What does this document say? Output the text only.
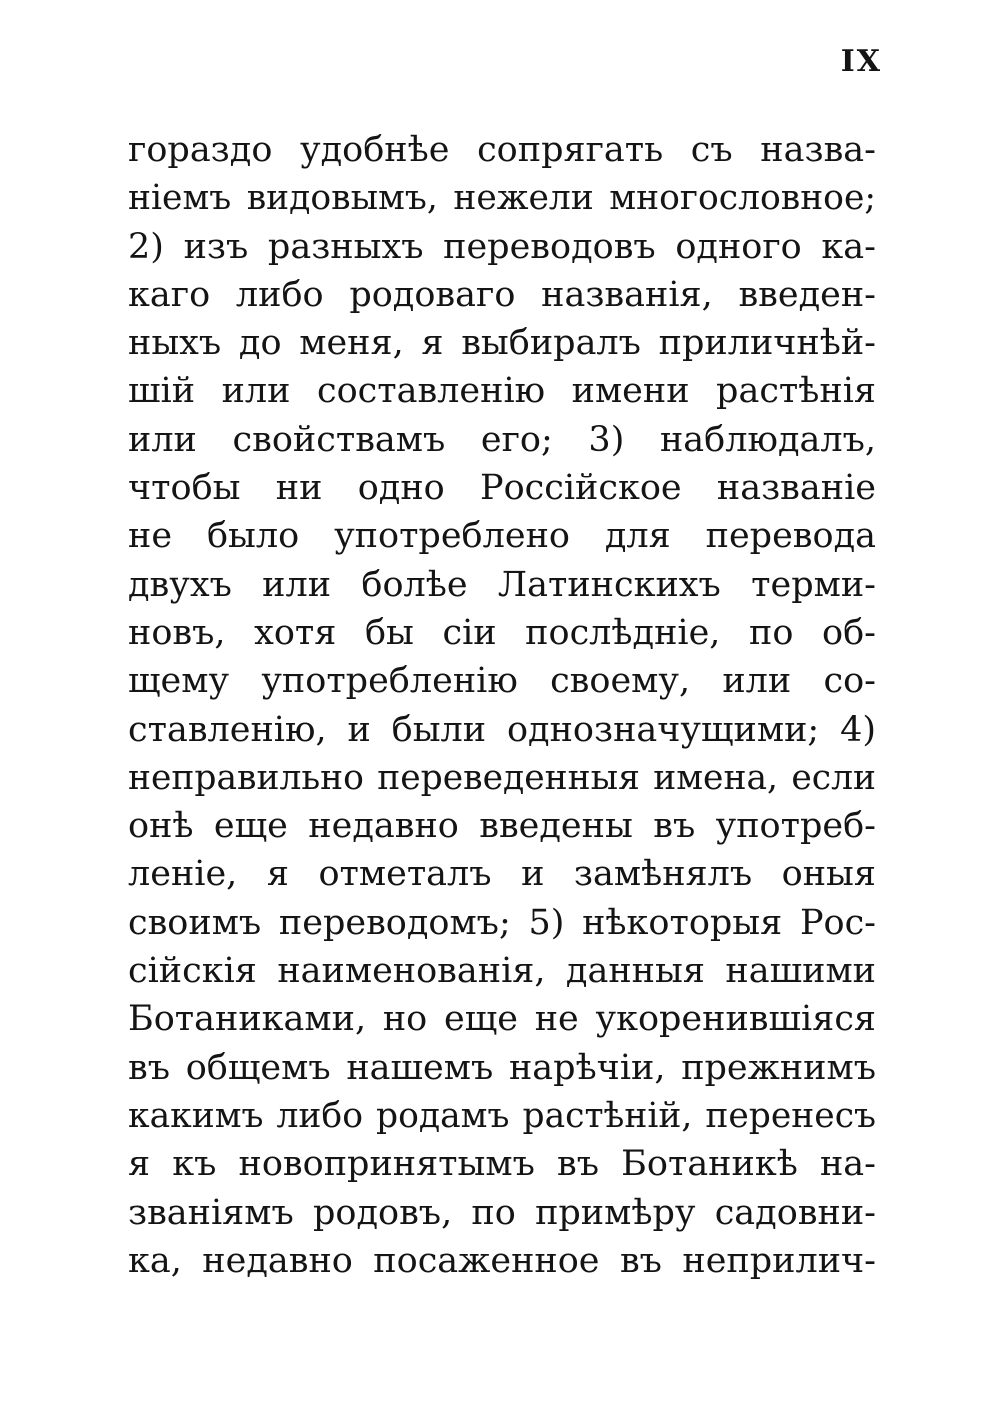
IX
гораздо удобнѣе сопрягать съ назва-
ніемъ видовымъ, нежели многословное;
2) изъ разныхъ переводовъ одного ка-
каго либо родоваго названія, введен-
ныхъ до меня, я выбиралъ приличнѣй-
шій или составленію имени растѣнія
или свойствамъ его; 3) наблюдалъ,
чтобы ни одно Россійское названіе
не было употреблено для перевода
двухъ или болѣе Латинскихъ терми-
новъ, хотя бы сіи послѣдніе, по об-
щему употребленію своему, или со-
ставленію, и были однозначущими; 4)
неправильно переведенныя имена, если
онѣ еще недавно введены въ употреб-
леніе, я отметалъ и замѣнялъ оныя
своимъ переводомъ; 5) нѣкоторыя Рос-
сійскія наименованія, данныя нашими
Ботаниками, но еще не укоренившіяся
въ общемъ нашемъ нарѣчіи, прежнимъ
какимъ либо родамъ растѣній, перенесъ
я къ новопринятымъ въ Ботаникѣ на-
званіямъ родовъ, по примѣру садовни-
ка, недавно посаженное въ неприлич-
